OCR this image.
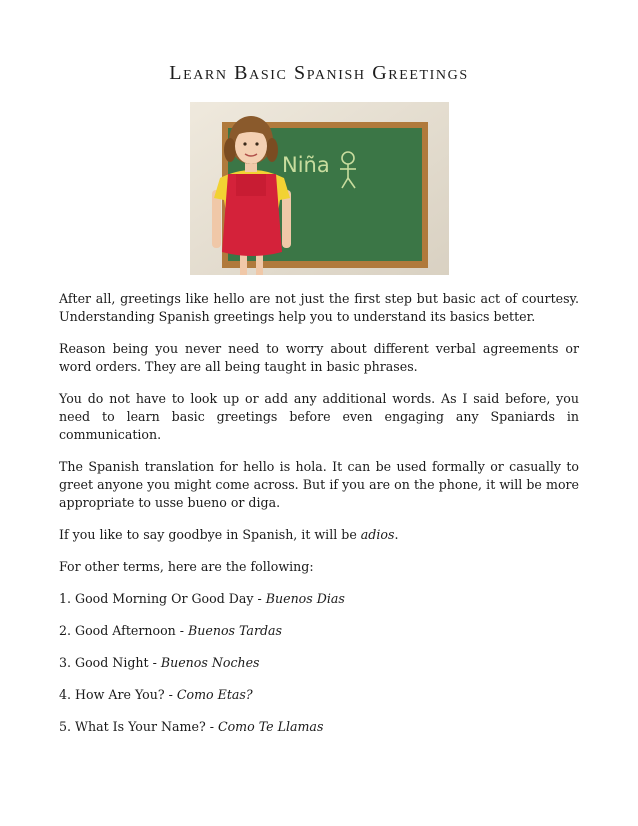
Learn Basic Spanish Greetings
Niña

After all, greetings like hello are not just the first step but basic act of courtesy. Understanding Spanish greetings help you to understand its basics better.

Reason being you never need to worry about different verbal agreements or word orders. They are all being taught in basic phrases.

You do not have to look up or add any additional words. As I said before, you need to learn basic greetings before even engaging any Spaniards in communication.

The Spanish translation for hello is hola. It can be used formally or casually to greet anyone you might come across. But if you are on the phone, it will be more appropriate to usse bueno or diga.

If you like to say goodbye in Spanish, it will be adios.

For other terms, here are the following:

1. Good Morning Or Good Day - Buenos Dias

2. Good Afternoon - Buenos Tardas

3. Good Night - Buenos Noches

4. How Are You? - Como Etas?

5. What Is Your Name? - Como Te Llamas
